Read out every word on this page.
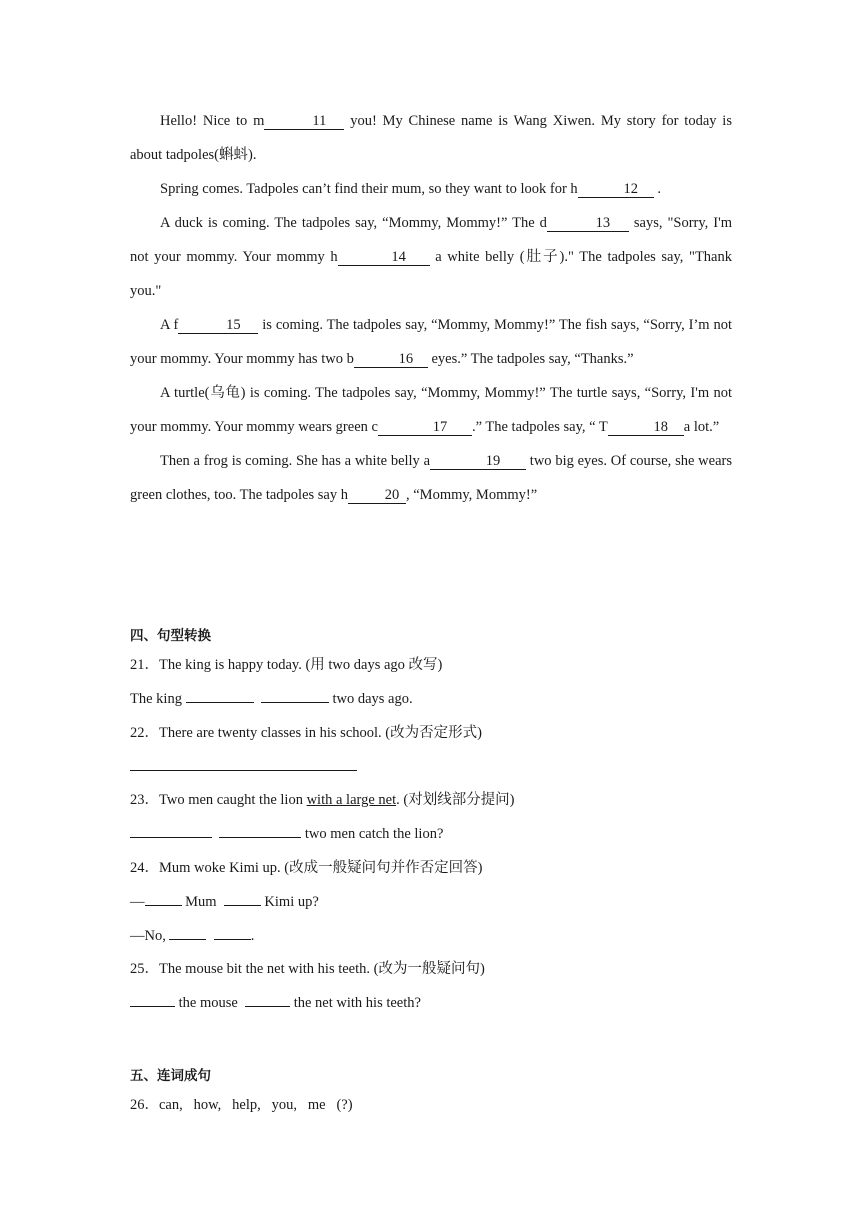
Hello! Nice to m	11 you! My Chinese name is Wang Xiwen. My story for today is about tadpoles(蝌蚪).

Spring comes. Tadpoles can’t find their mum, so they want to look for h	12 .

A duck is coming. The tadpoles say, “Mommy, Mommy!” The d	13 says, "Sorry, I'm not your mommy. Your mommy h	14 a white belly (肚子)." The tadpoles say, "Thank you."

A f	15 is coming. The tadpoles say, “Mommy, Mommy!” The fish says, “Sorry, I’m not your mommy. Your mommy has two b	16 eyes.” The tadpoles say, “Thanks.”

A turtle(乌龟) is coming. The tadpoles say, “Mommy, Mommy!” The turtle says, “Sorry, I'm not your mommy. Your mommy wears green c	17 .” The tadpoles say, “ T	18 a lot.”

Then a frog is coming. She has a white belly a	19 two big eyes. Of course, she wears green clothes, too. The tadpoles say h	20 , “Mommy, Mommy!”

四、句型转换
21．The king is happy today. (用 two days ago 改写)
The king	two days ago.
22．There are twenty classes in his school. (改为否定形式)
23．Two men caught the lion with a large net. (对划线部分提问)
two men catch the lion?
24．Mum woke Kimi up. (改成一般疑问句并作否定回答)
—	Mum	Kimi up?
—No,	.
25．The mouse bit the net with his teeth. (改为一般疑问句)
the mouse	the net with his teeth?
五、连词成句
26．can,   how,   help,   you,   me   (?)
